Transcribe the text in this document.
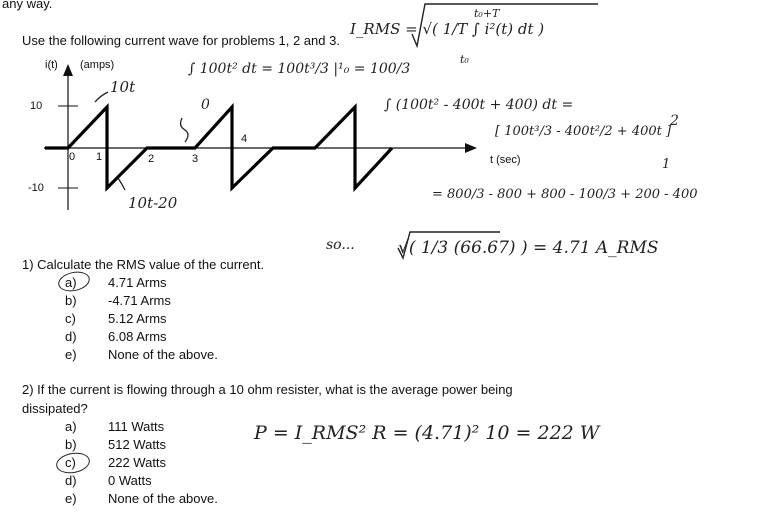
any way.
Use the following current wave for problems 1, 2 and 3.
i(t) (amps)
10
-10
0 1	2	3
4
t (sec)
I_RMS = √( 1/T ∫ i²(t) dt )
t₀+T
t₀
10t
10t-20
0
∫ 100t² dt = 100t³/3 |¹₀ = 100/3
∫ (100t² - 400t + 400) dt =
[ 100t³/3 - 400t²/2 + 400t ]
2
1
= 800/3 - 800 + 800 - 100/3 + 200 - 400
so...	√( 1/3 (66.67) ) = 4.71 A_RMS
P = I_RMS² R = (4.71)² 10 = 222 W
1) Calculate the RMS value of the current.
a) 4.71 Arms
b) -4.71 Arms
c) 5.12 Arms
d) 6.08 Arms
e) None of the above.
2) If the current is flowing through a 10 ohm resister, what is the average power being
dissipated?
a) 111 Watts
b) 512 Watts
c) 222 Watts
d) 0 Watts
e) None of the above.
